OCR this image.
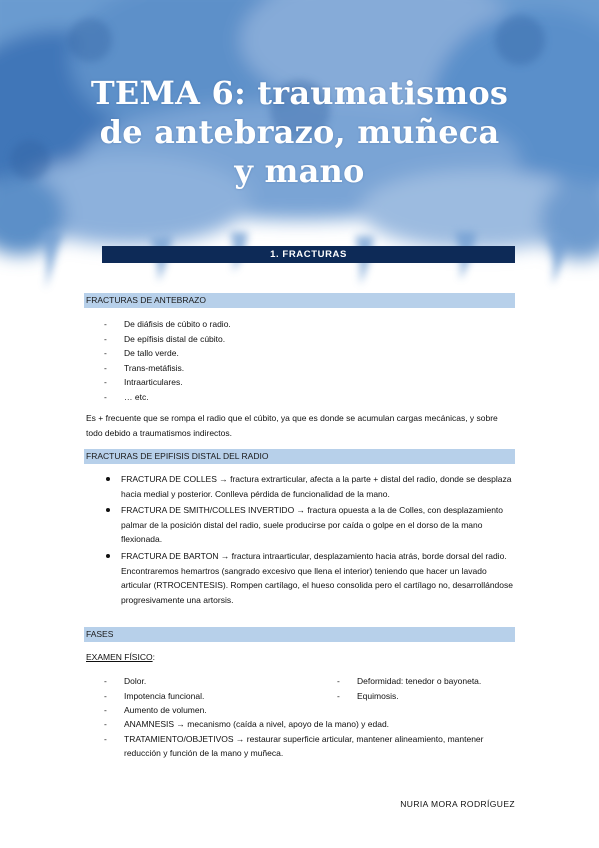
TEMA 6: traumatismos
de antebrazo, muñeca
y mano
1. FRACTURAS
FRACTURAS DE ANTEBRAZO
- De diáfisis de cúbito o radio.
- De epífisis distal de cúbito.
- De tallo verde.
- Trans-metáfisis.
- Intraarticulares.
- … etc.

Es + frecuente que se rompa el radio que el cúbito, ya que es donde se acumulan cargas mecánicas, y sobre todo debido a traumatismos indirectos.

FRACTURAS DE EPIFISIS DISTAL DEL RADIO
FRACTURA DE COLLES → fractura extrarticular, afecta a la parte + distal del radio, donde se desplaza hacia medial y posterior. Conlleva pérdida de funcionalidad de la mano.
FRACTURA DE SMITH/COLLES INVERTIDO → fractura opuesta a la de Colles, con desplazamiento palmar de la posición distal del radio, suele producirse por caída o golpe en el dorso de la mano flexionada.
FRACTURA DE BARTON → fractura intraarticular, desplazamiento hacia atrás, borde dorsal del radio. Encontraremos hemartros (sangrado excesivo que llena el interior) teniendo que hacer un lavado articular (RTROCENTESIS). Rompen cartílago, el hueso consolida pero el cartílago no, desarrollándose progresivamente una artorsis.
FASES
EXAMEN FÍSICO:
- Dolor.
- Impotencia funcional.
- Aumento de volumen.
- Deformidad: tenedor o bayoneta.
- Equimosis.
- ANAMNESIS → mecanismo (caída a nivel, apoyo de la mano) y edad.
- TRATAMIENTO/OBJETIVOS → restaurar superficie articular, mantener alineamiento, mantener reducción y función de la mano y muñeca.
NURIA MORA RODRÍGUEZ
